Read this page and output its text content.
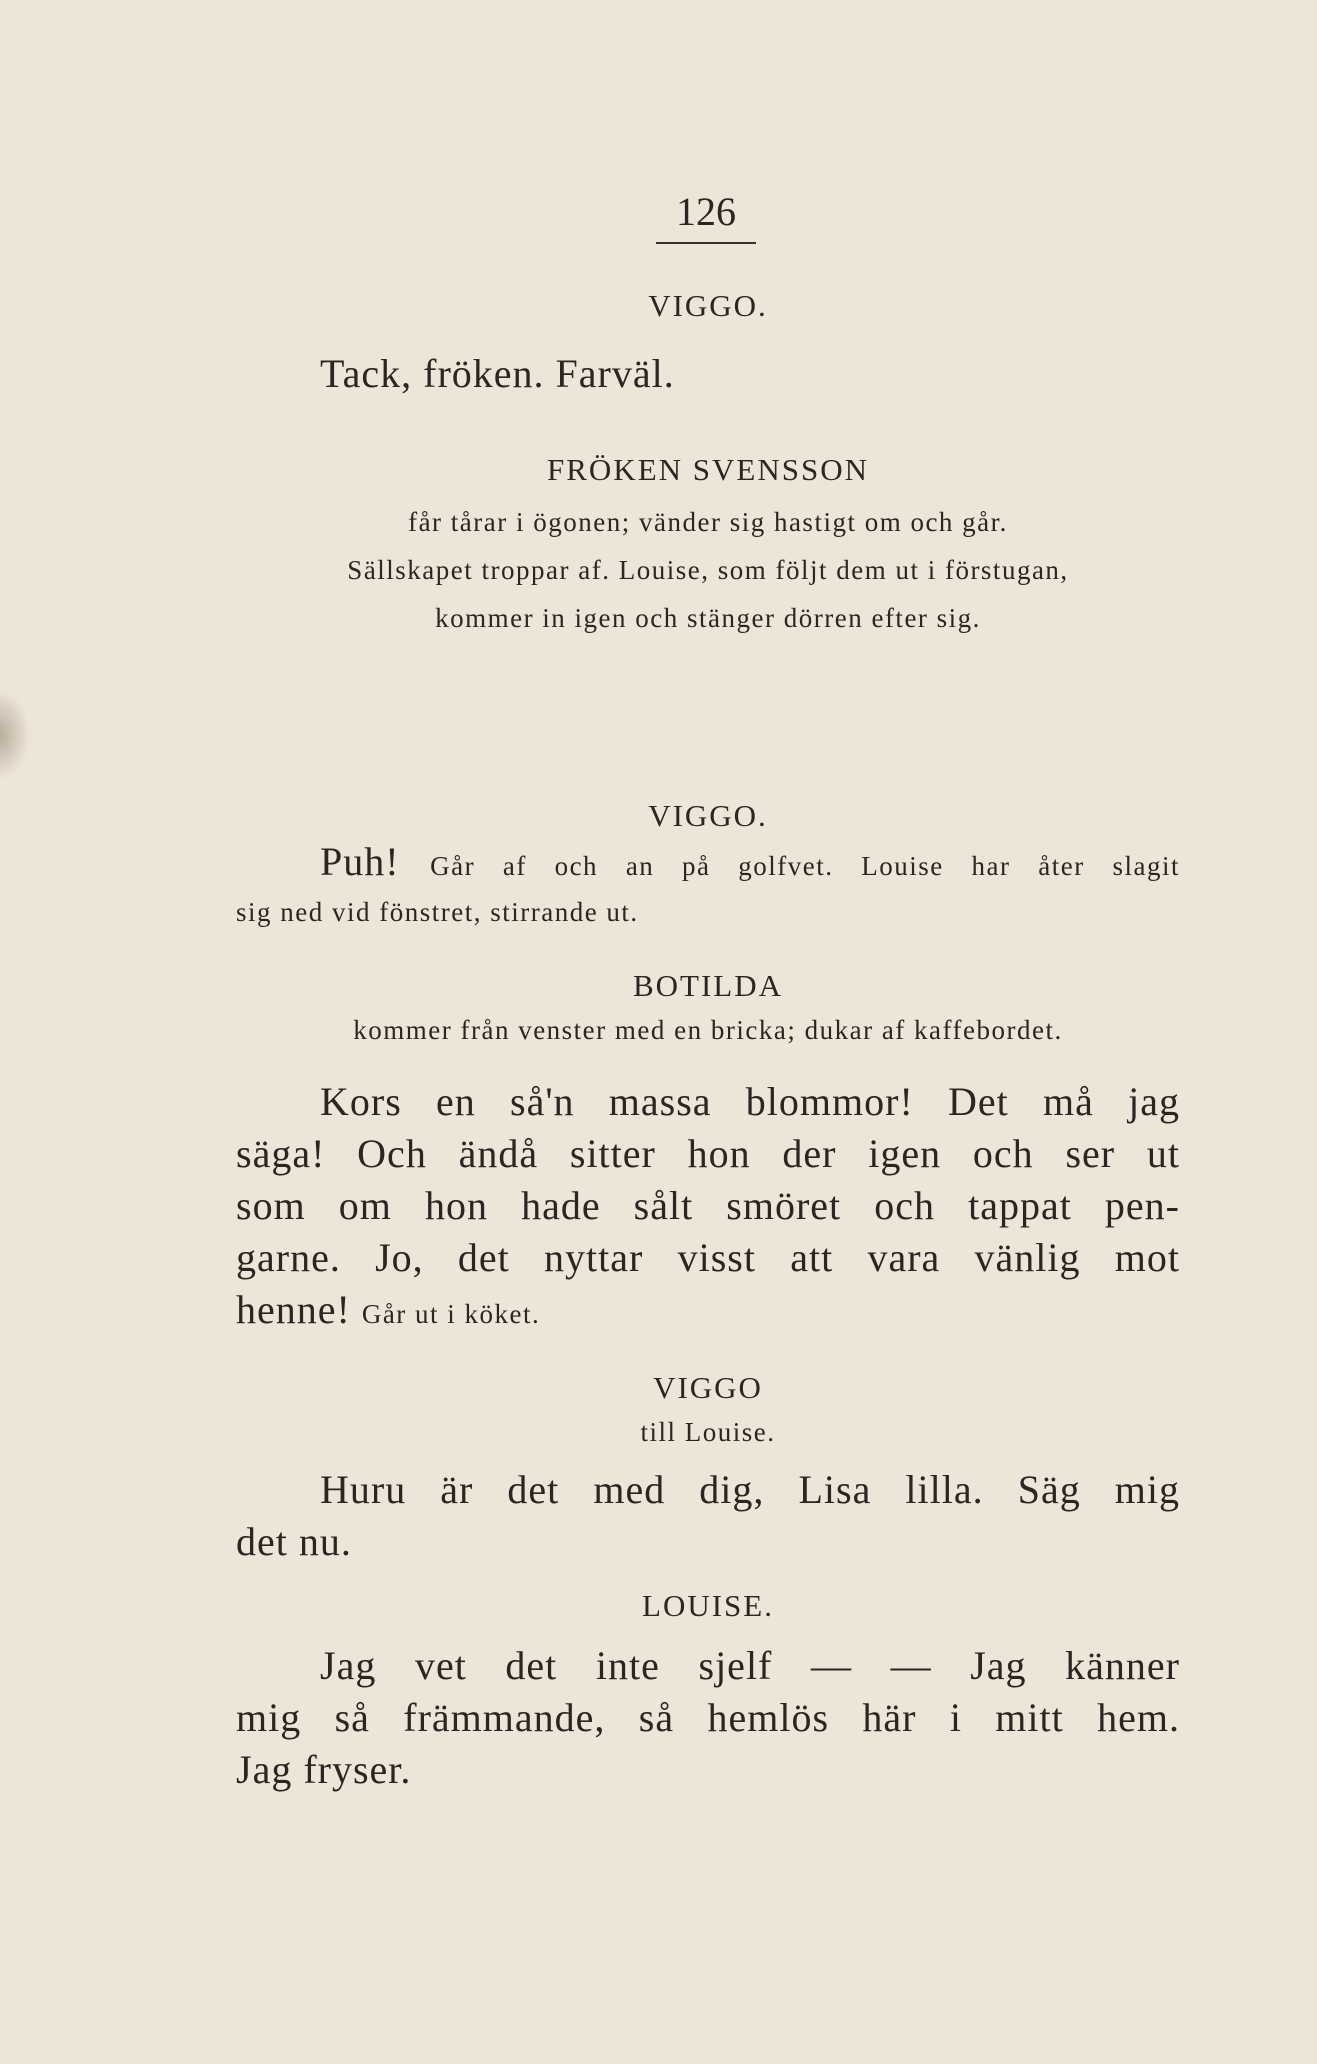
126

VIGGO.

Tack, fröken. Farväl.

FRÖKEN SVENSSON

får tårar i ögonen; vänder sig hastigt om och går.

Sällskapet troppar af. Louise, som följt dem ut i förstugan,

kommer in igen och stänger dörren efter sig.

VIGGO.

Puh! Går af och an på golfvet. Louise har åter slagit
sig ned vid fönstret, stirrande ut.

BOTILDA

kommer från venster med en bricka; dukar af kaffebordet.

Kors en så'n massa blommor! Det må jag
säga! Och ändå sitter hon der igen och ser ut
som om hon hade sålt smöret och tappat pen-
garne. Jo, det nyttar visst att vara vänlig mot
henne! Går ut i köket.

VIGGO

till Louise.

Huru är det med dig, Lisa lilla. Säg mig
det nu.

LOUISE.

Jag vet det inte sjelf — — Jag känner
mig så främmande, så hemlös här i mitt hem.
Jag fryser.
